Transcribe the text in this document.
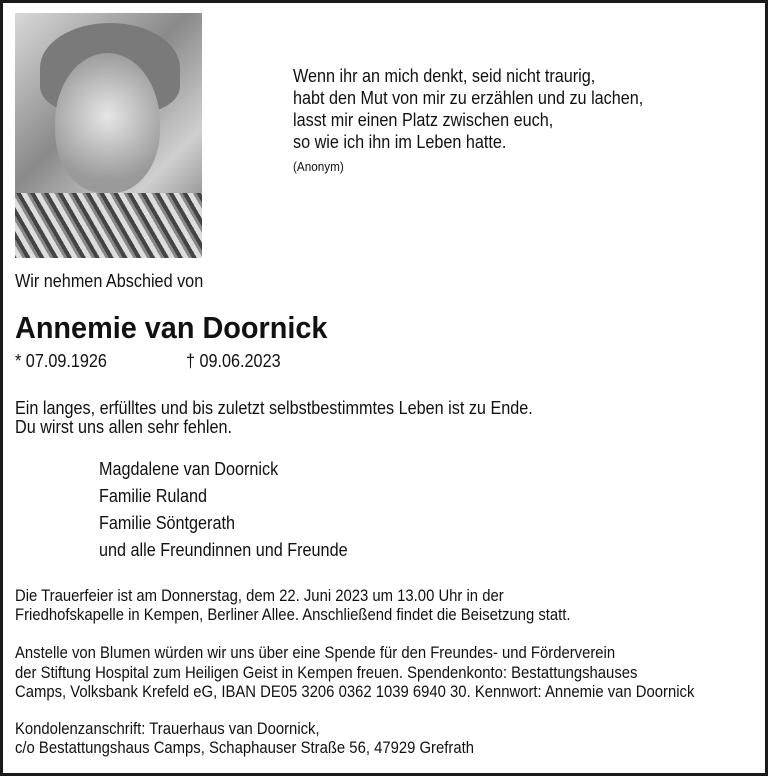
Wenn ihr an mich denkt, seid nicht traurig,
habt den Mut von mir zu erzählen und zu lachen,
lasst mir einen Platz zwischen euch,
so wie ich ihn im Leben hatte.
(Anonym)
Wir nehmen Abschied von
Annemie van Doornick
* 07.09.1926	† 09.06.2023
Ein langes, erfülltes und bis zuletzt selbstbestimmtes Leben ist zu Ende.
Du wirst uns allen sehr fehlen.
Magdalene van Doornick
Familie Ruland
Familie Söntgerath
und alle Freundinnen und Freunde
Die Trauerfeier ist am Donnerstag, dem 22. Juni 2023 um 13.00 Uhr in der
Friedhofskapelle in Kempen, Berliner Allee. Anschließend findet die Beisetzung statt.
Anstelle von Blumen würden wir uns über eine Spende für den Freundes- und Förderverein
der Stiftung Hospital zum Heiligen Geist in Kempen freuen. Spendenkonto: Bestattungshauses
Camps, Volksbank Krefeld eG, IBAN DE05 3206 0362 1039 6940 30. Kennwort: Annemie van Doornick
Kondolenzanschrift: Trauerhaus van Doornick,
c/o Bestattungshaus Camps, Schaphauser Straße 56, 47929 Grefrath
